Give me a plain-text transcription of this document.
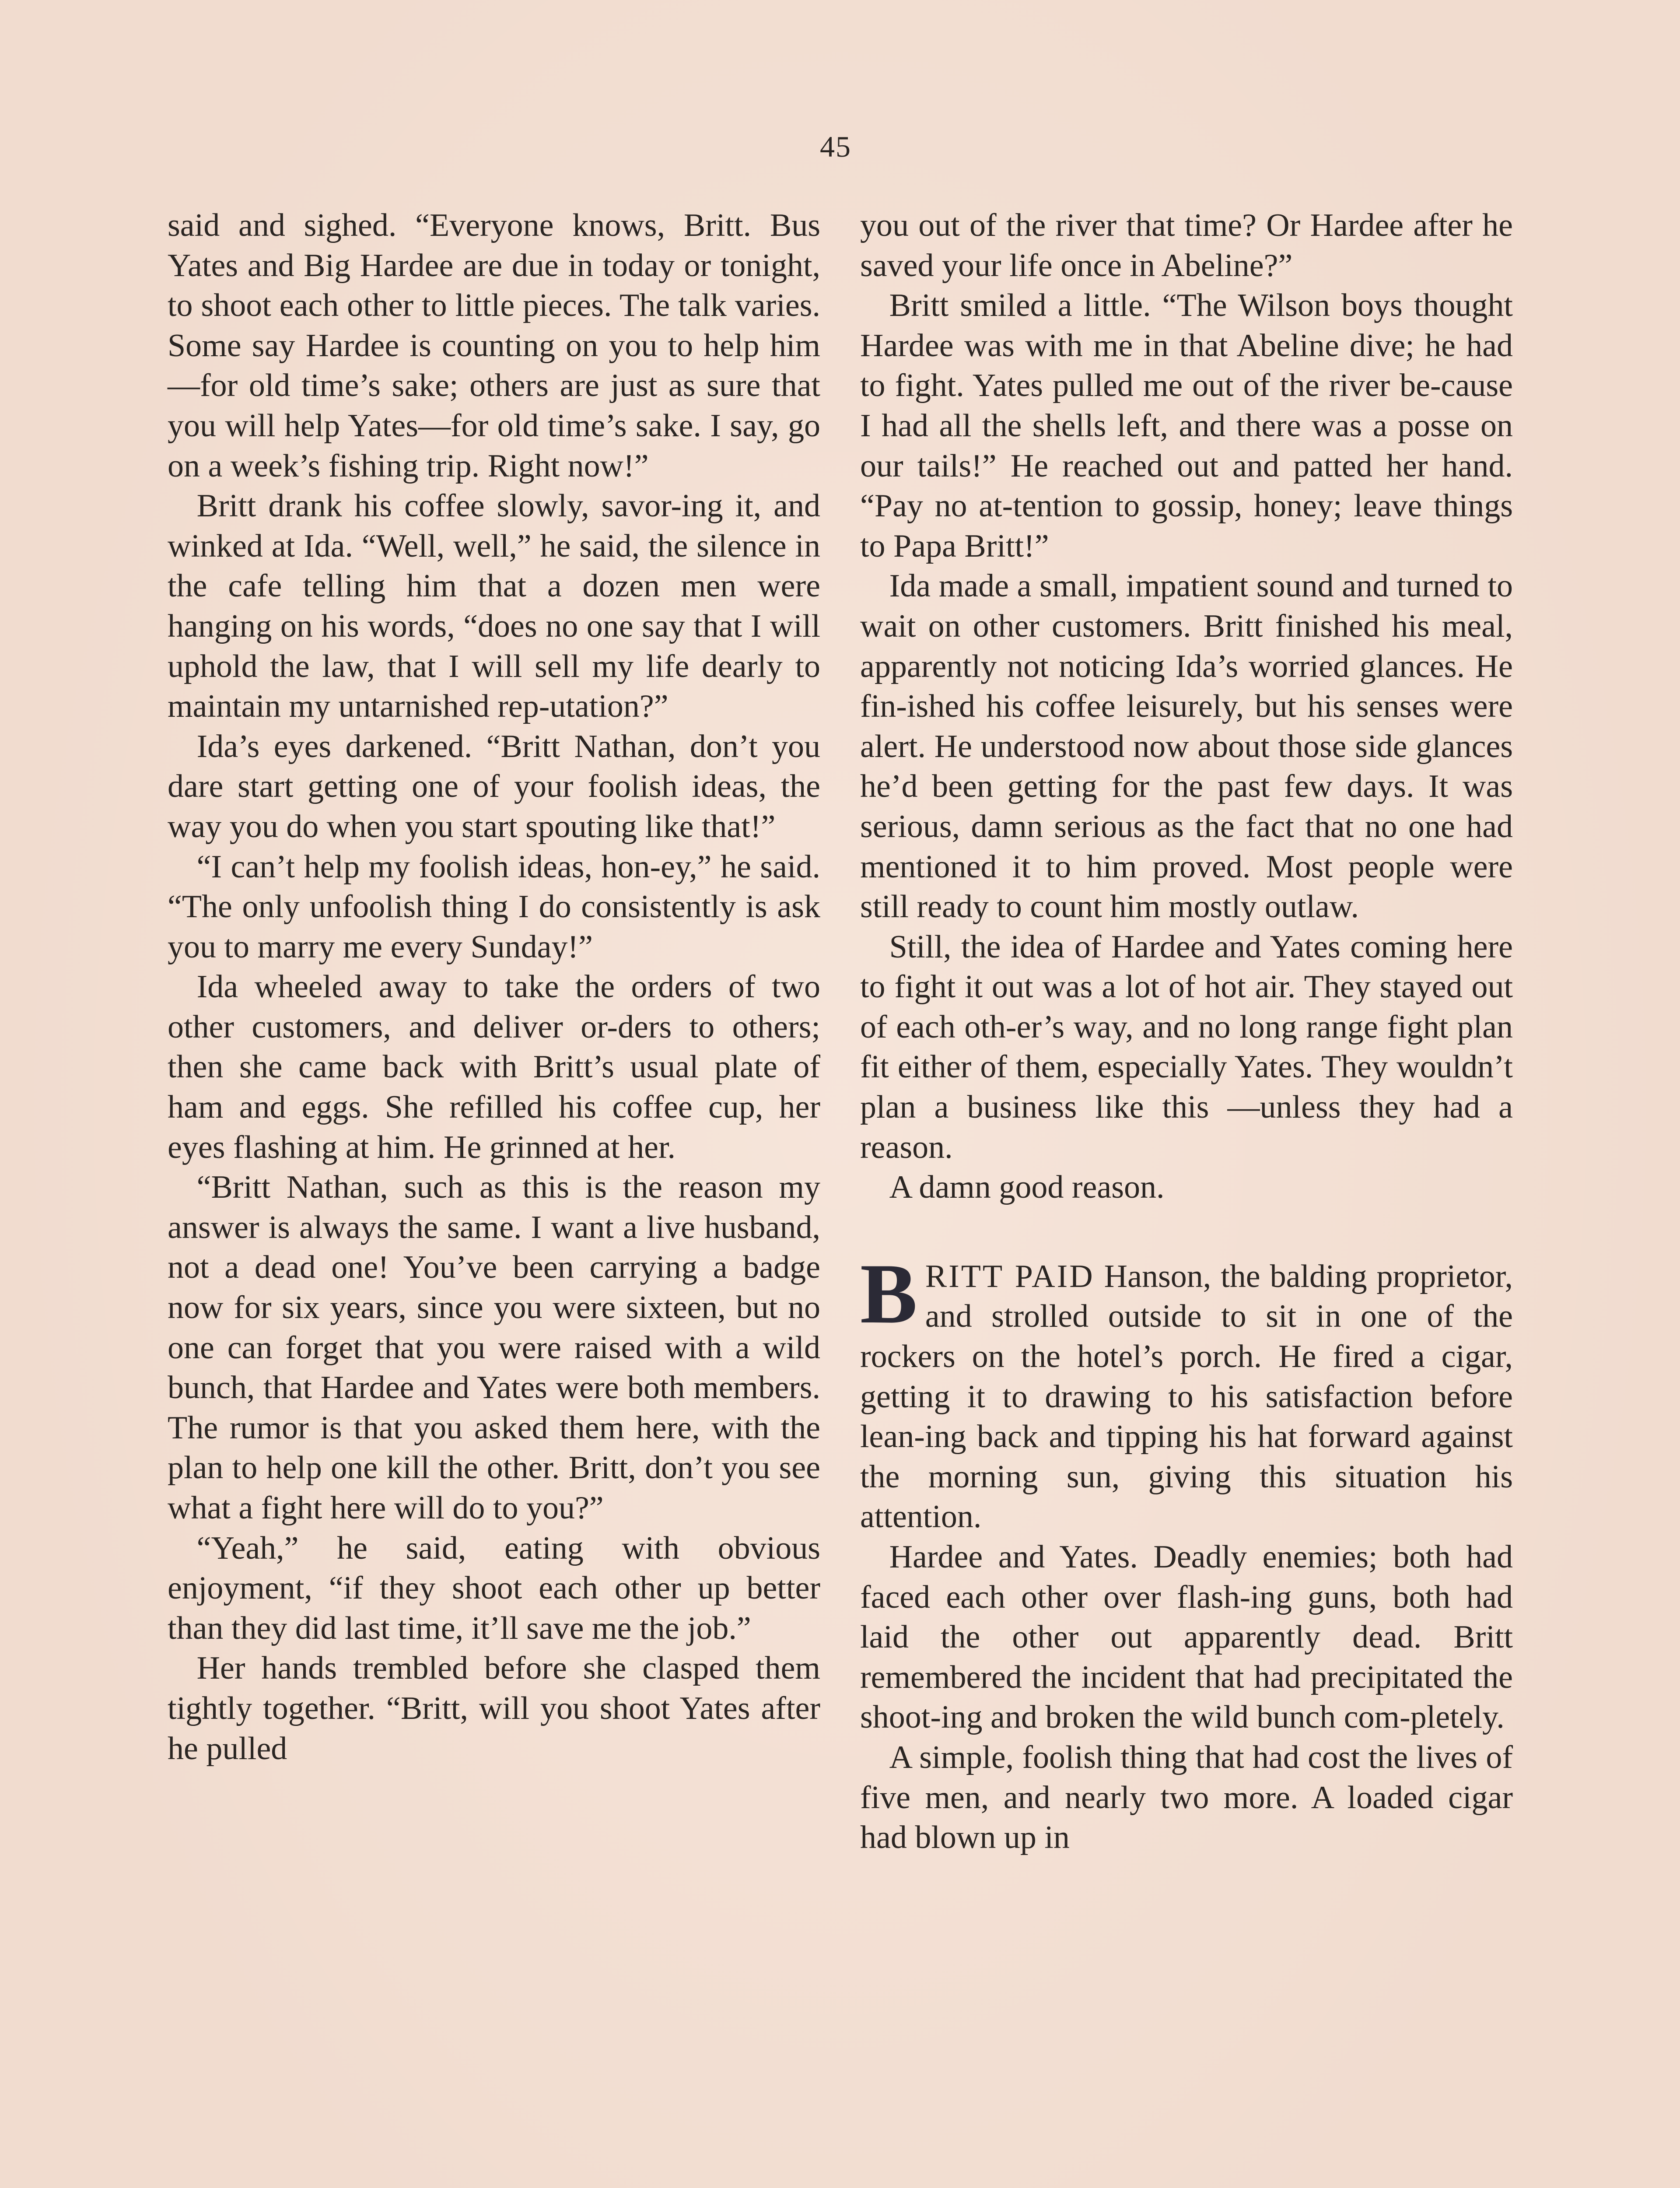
45

said and sighed. “Everyone knows, Britt. Bus Yates and Big Hardee are due in today or tonight, to shoot each other to little pieces. The talk varies. Some say Hardee is counting on you to help him—for old time’s sake; others are just as sure that you will help Yates—for old time’s sake. I say, go on a week’s fishing trip. Right now!”

Britt drank his coffee slowly, savor-ing it, and winked at Ida. “Well, well,” he said, the silence in the cafe telling him that a dozen men were hanging on his words, “does no one say that I will uphold the law, that I will sell my life dearly to maintain my untarnished rep-utation?”

Ida’s eyes darkened. “Britt Nathan, don’t you dare start getting one of your foolish ideas, the way you do when you start spouting like that!”

“I can’t help my foolish ideas, hon-ey,” he said. “The only unfoolish thing I do consistently is ask you to marry me every Sunday!”

Ida wheeled away to take the orders of two other customers, and deliver or-ders to others; then she came back with Britt’s usual plate of ham and eggs. She refilled his coffee cup, her eyes flashing at him. He grinned at her.

“Britt Nathan, such as this is the reason my answer is always the same. I want a live husband, not a dead one! You’ve been carrying a badge now for six years, since you were sixteen, but no one can forget that you were raised with a wild bunch, that Hardee and Yates were both members. The rumor is that you asked them here, with the plan to help one kill the other. Britt, don’t you see what a fight here will do to you?”

“Yeah,” he said, eating with obvious enjoyment, “if they shoot each other up better than they did last time, it’ll save me the job.”

Her hands trembled before she clasped them tightly together. “Britt, will you shoot Yates after he pulled

you out of the river that time? Or Hardee after he saved your life once in Abeline?”

Britt smiled a little. “The Wilson boys thought Hardee was with me in that Abeline dive; he had to fight. Yates pulled me out of the river be-cause I had all the shells left, and there was a posse on our tails!” He reached out and patted her hand. “Pay no at-tention to gossip, honey; leave things to Papa Britt!”

Ida made a small, impatient sound and turned to wait on other customers. Britt finished his meal, apparently not noticing Ida’s worried glances. He fin-ished his coffee leisurely, but his senses were alert. He understood now about those side glances he’d been getting for the past few days. It was serious, damn serious as the fact that no one had mentioned it to him proved. Most people were still ready to count him mostly outlaw.

Still, the idea of Hardee and Yates coming here to fight it out was a lot of hot air. They stayed out of each oth-er’s way, and no long range fight plan fit either of them, especially Yates. They wouldn’t plan a business like this —unless they had a reason.

A damn good reason.

BRITT PAID Hanson, the balding proprietor, and strolled outside to sit in one of the rockers on the hotel’s porch. He fired a cigar, getting it to drawing to his satisfaction before lean-ing back and tipping his hat forward against the morning sun, giving this situation his attention.

Hardee and Yates. Deadly enemies; both had faced each other over flash-ing guns, both had laid the other out apparently dead. Britt remembered the incident that had precipitated the shoot-ing and broken the wild bunch com-pletely.

A simple, foolish thing that had cost the lives of five men, and nearly two more. A loaded cigar had blown up in
